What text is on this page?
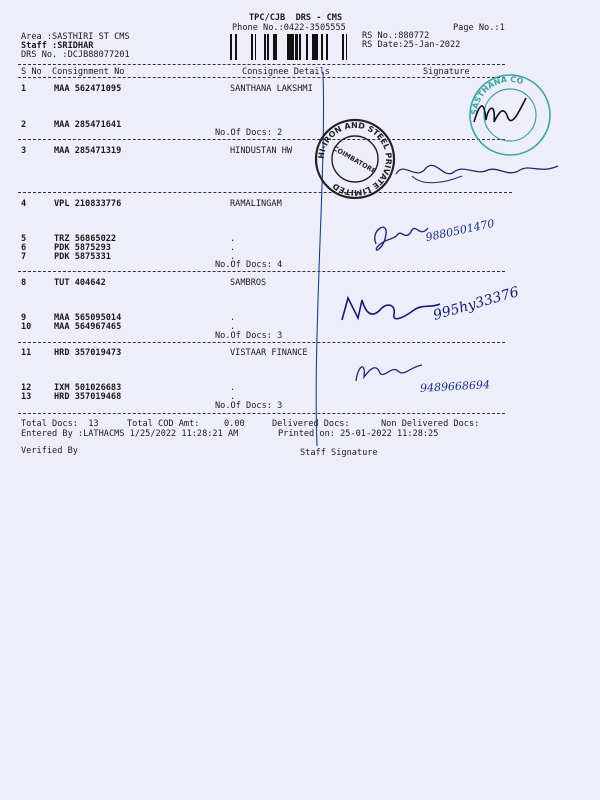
TPC/CJB  DRS - CMS
Phone No.:0422-3505555	Page No.:1
Area :SASTHIRI ST CMS
Staff :SRIDHAR
DRS No. :DCJB88077201
RS No.:880772
RS Date:25-Jan-2022
S No Consignment No	Consignee Details	Signature
1	MAA 562471095	SANTHANA LAKSHMI
2	MAA 285471641
No.Of Docs: 2
3	MAA 285471319	HINDUSTAN HW
4	VPL 210833776	RAMALINGAM
5	TRZ 56865022	.
6	PDK 5875293	.
7	PDK 5875331	.
No.Of Docs: 4
8	TUT 404642	SAMBROS
9	MAA 565095014	.
10	MAA 564967465	.
No.Of Docs: 3
11	HRD 357019473	VISTAAR FINANCE
12	IXM 501026683	.
13	HRD 357019468	.
No.Of Docs: 3
Total Docs:  13	Total COD Amt:	0.00	Delivered Docs:	Non Delivered Docs:
Entered By :LATHACMS 1/25/2022 11:28:21 AM	Printed on: 25-01-2022 11:28:25
Verified By	Staff Signature
HI-IRON AND STEEL PRIVATE LIMITED
COIMBATORE
SASTHANA CO
9880501470
995hy33376
9489668694
